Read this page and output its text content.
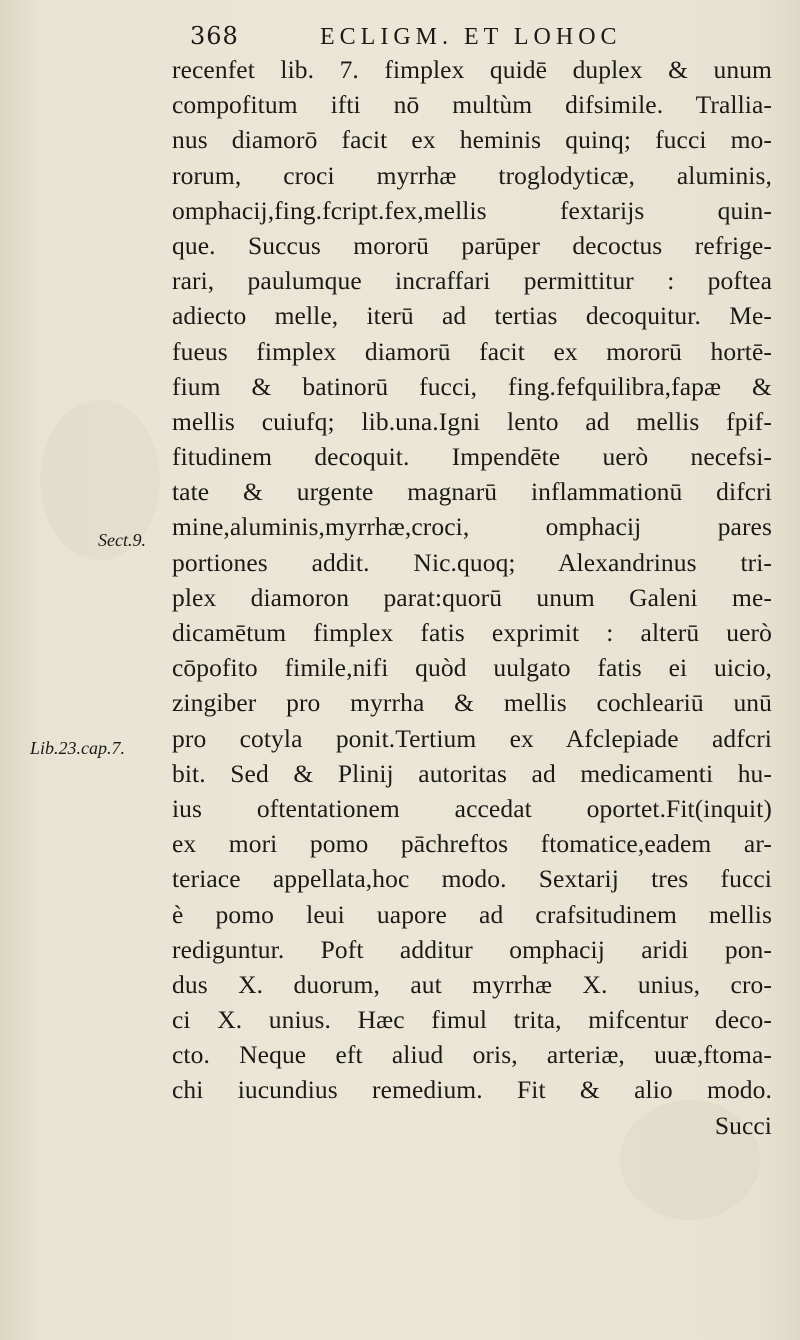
368	ECLIGM. ET LOHOC
Sect.9.
Lib.23.cap.7.
recenfet lib. 7. fimplex quidē duplex & unum
compofitum ifti nō multùm difsimile. Trallia-
nus diamorō facit ex heminis quinq; fucci mo-
rorum, croci myrrhæ troglodyticæ, aluminis,
omphacij,fing.fcript.fex,mellis fextarijs quin-
que. Succus mororū parūper decoctus refrige-
rari, paulumque incraffari permittitur : poftea
adiecto melle, iterū ad tertias decoquitur. Me-
fueus fimplex diamorū facit ex mororū hortē-
fium & batinorū fucci, fing.fefquilibra,fapæ &
mellis cuiufq; lib.una.Igni lento ad mellis fpif-
fitudinem decoquit. Impendēte uerò necefsi-
tate & urgente magnarū inflammationū difcri
mine,aluminis,myrrhæ,croci, omphacij pares
portiones addit. Nic.quoq; Alexandrinus tri-
plex diamoron parat:quorū unum Galeni me-
dicamētum fimplex fatis exprimit : alterū uerò
cōpofito fimile,nifi quòd uulgato fatis ei uicio,
zingiber pro myrrha & mellis cochleariū unū
pro cotyla ponit.Tertium ex Afclepiade adfcri
bit. Sed & Plinij autoritas ad medicamenti hu-
ius oftentationem accedat oportet.Fit(inquit)
ex mori pomo pāchreftos ftomatice,eadem ar-
teriace appellata,hoc modo. Sextarij tres fucci
è pomo leui uapore ad crafsitudinem mellis
rediguntur. Poft additur omphacij aridi pon-
dus X. duorum, aut myrrhæ X. unius, cro-
ci X. unius. Hæc fimul trita, mifcentur deco-
cto. Neque eft aliud oris, arteriæ, uuæ,ftoma-
chi iucundius remedium. Fit & alio modo.
Succi
